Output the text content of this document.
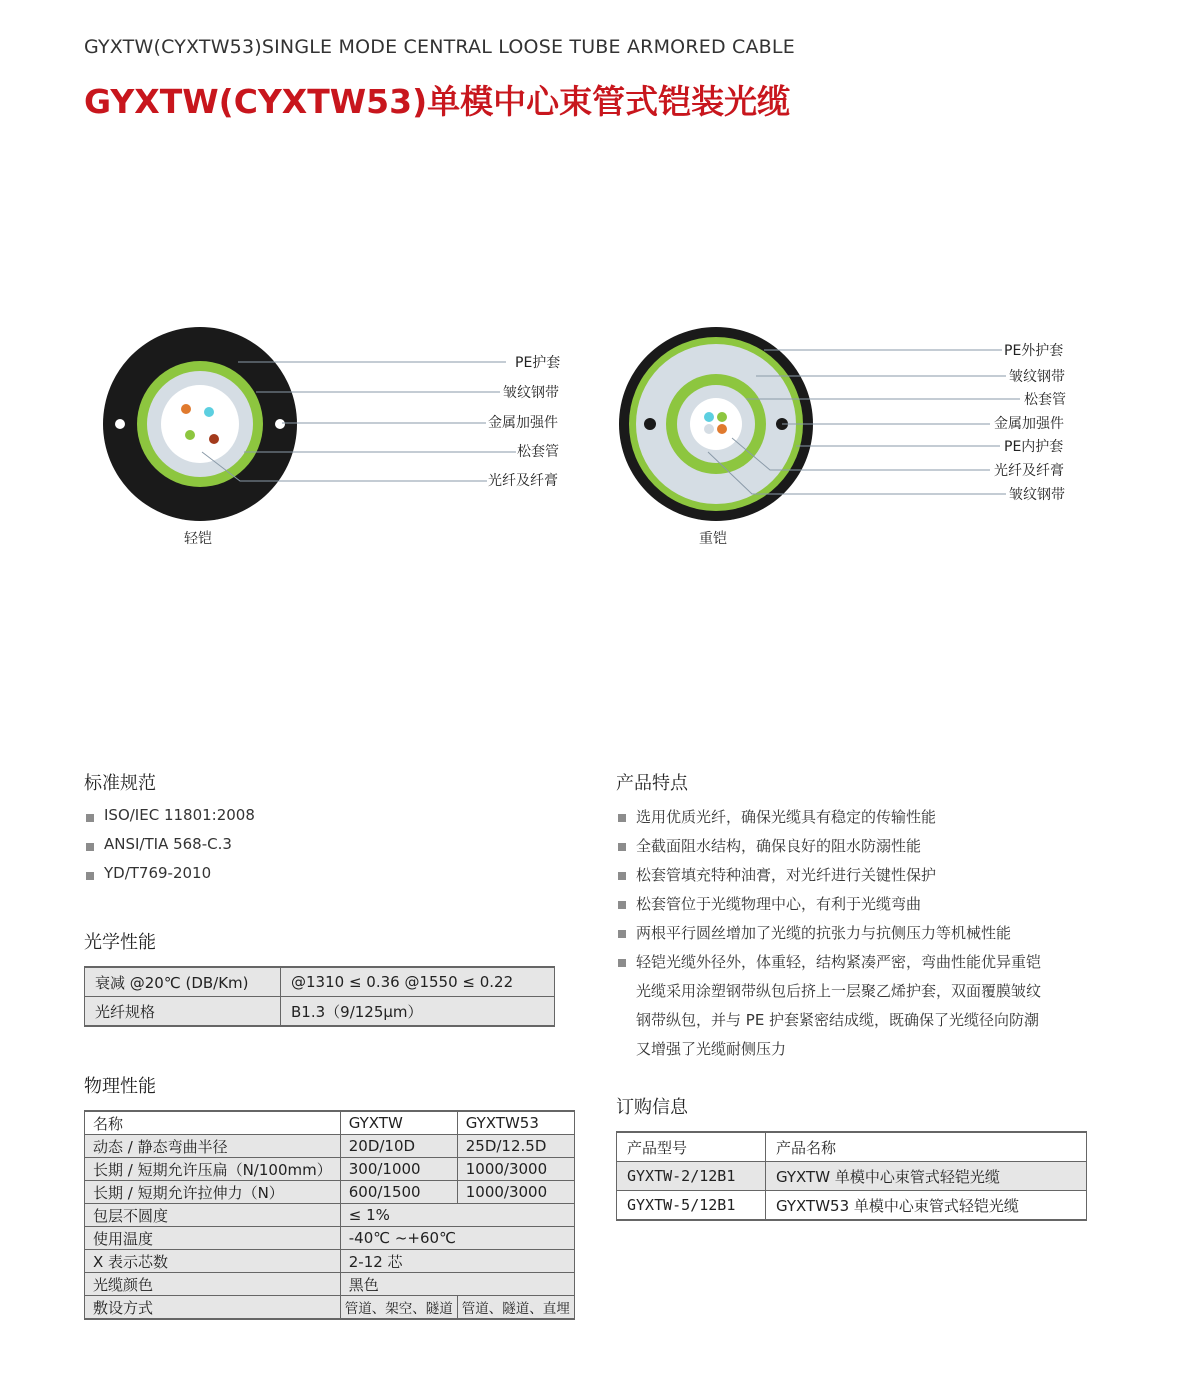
GYXTW(CYXTW53)SINGLE MODE CENTRAL LOOSE TUBE ARMORED CABLE
GYXTW(CYXTW53)单模中心束管式铠装光缆
PE护套
皱纹钢带
金属加强件
松套管
光纤及纤膏
轻铠
PE外护套
皱纹钢带
松套管
金属加强件
PE内护套
光纤及纤膏
皱纹钢带
重铠
标准规范
ISO/IEC 11801:2008
ANSI/TIA 568-C.3
YD/T769-2010
光学性能
衰减 @20℃ (DB/Km)	@1310 ≤ 0.36 @1550 ≤ 0.22
光纤规格	B1.3（9/125μm）
物理性能
名称	GYXTW	GYXTW53
动态 / 静态弯曲半径	20D/10D	25D/12.5D
长期 / 短期允许压扁（N/100mm）	300/1000	1000/3000
长期 / 短期允许拉伸力（N）	600/1500	1000/3000
包层不圆度	≤ 1%	
使用温度	-40℃ ~+60℃	
X 表示芯数	2-12 芯	
光缆颜色	黑色	
敷设方式	管道、架空、隧道	管道、隧道、直埋
产品特点
选用优质光纤，确保光缆具有稳定的传输性能
全截面阻水结构，确保良好的阻水防溺性能
松套管填充特种油膏，对光纤进行关键性保护
松套管位于光缆物理中心，有利于光缆弯曲
两根平行圆丝增加了光缆的抗张力与抗侧压力等机械性能
轻铠光缆外径外，体重轻，结构紧凑严密，弯曲性能优异重铠
光缆采用涂塑钢带纵包后挤上一层聚乙烯护套，双面覆膜皱纹
钢带纵包，并与 PE 护套紧密结成缆，既确保了光缆径向防潮
又增强了光缆耐侧压力
订购信息
产品型号	产品名称
GYXTW-2/12B1	GYXTW 单模中心束管式轻铠光缆
GYXTW-5/12B1	GYXTW53 单模中心束管式轻铠光缆
